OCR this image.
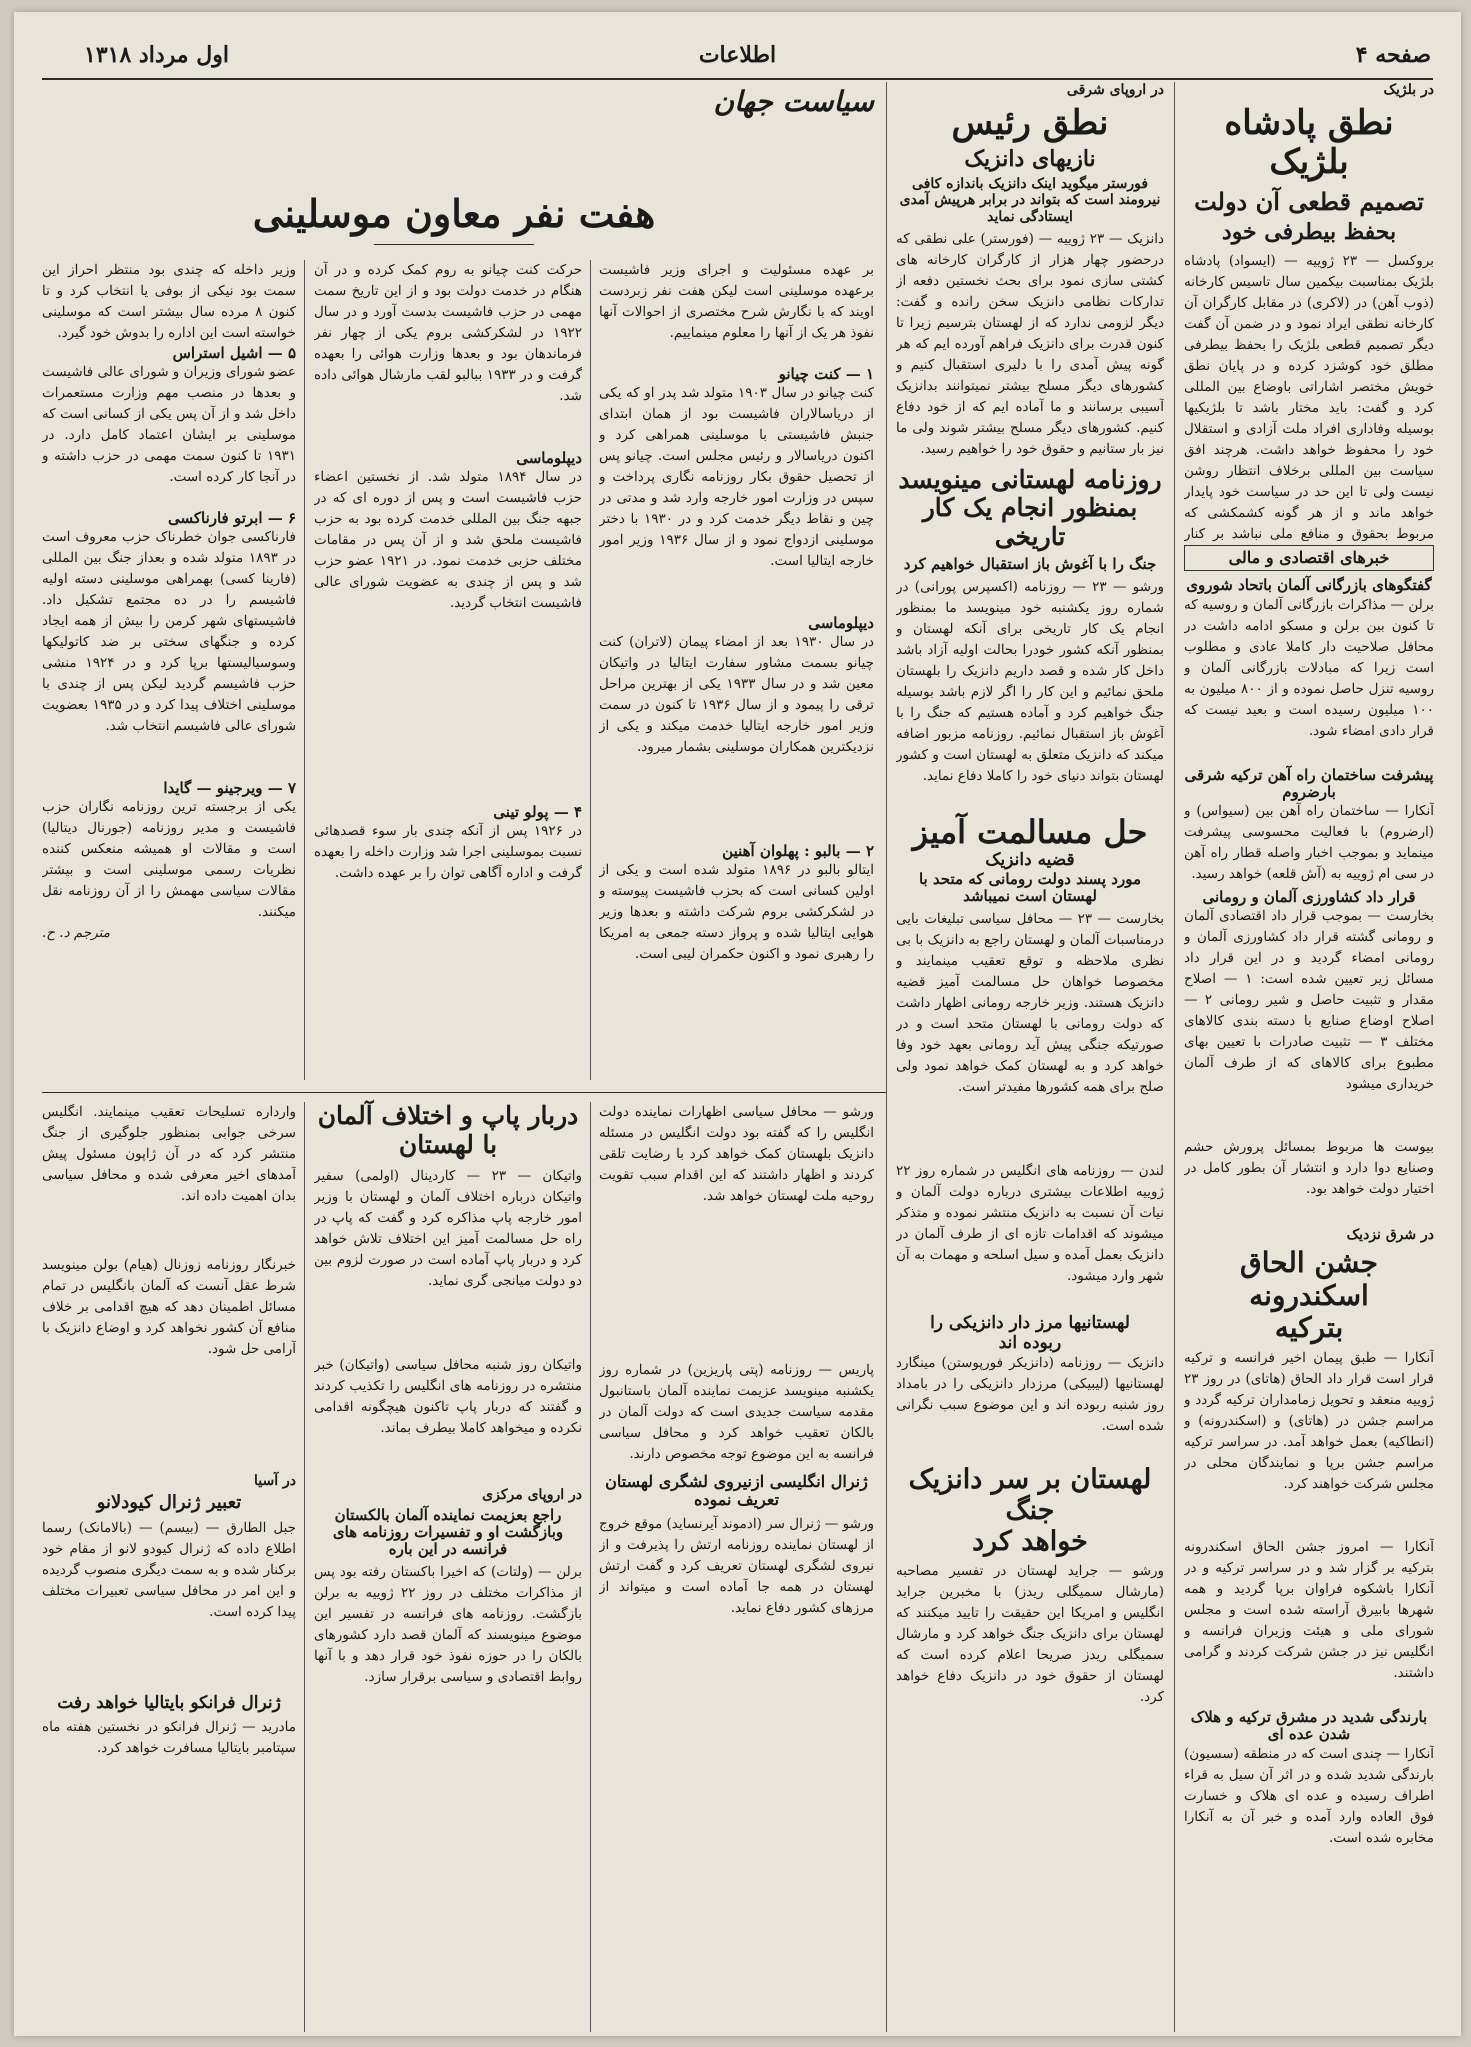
صفحه ۴
اطلاعات
اول مرداد ۱۳۱۸
در بلژیک
نطق پادشاه بلژیک
تصمیم قطعی آن دولت
بحفظ بیطرفی خود
بروکسل — ۲۳ ژوییه — (ایسواد) پادشاه بلژیک بمناسبت بیکمین سال تاسیس کارخانه (ذوب آهن) در (لاکری) در مقابل کارگران آن کارخانه نطقی ایراد نمود و در ضمن آن گفت دیگر تصمیم قطعی بلژیک را بحفظ بیطرفی مطلق خود کوشزد کرده و در پایان نطق خویش مختصر اشاراتی باوضاع بین المللی کرد و گفت: باید مختار باشد تا بلژیکیها بوسیله وفاداری افراد ملت آزادی و استقلال خود را محفوظ خواهد داشت. هرچند افق سیاست بین المللی برخلاف انتظار روشن نیست ولی تا این حد در سیاست خود پایدار خواهد ماند و از هر گونه کشمکشی که مربوط بحقوق و منافع ملی نباشد بر کنار
خبرهای اقتصادی و مالی
گفتگوهای بازرگانی آلمان باتحاد شوروی
برلن — مذاکرات بازرگانی آلمان و روسیه که تا کنون بین برلن و مسکو ادامه داشت در محافل صلاحیت دار کاملا عادی و مطلوب است زیرا که مبادلات بازرگانی آلمان و روسیه تنزل حاصل نموده و از ۸۰۰ میلیون به ۱۰۰ میلیون رسیده است و بعید نیست که قرار دادی امضاء شود.
پیشرفت ساختمان راه آهن ترکیه شرقی بارضروم
آنکارا — ساختمان راه آهن بین (سیواس) و (ارضروم) با فعالیت محسوسی پیشرفت مینماید و بموجب اخبار واصله قطار راه آهن در سی ام ژوییه به (آش قلعه) خواهد رسید.
قرار داد کشاورزی آلمان و رومانی
بخارست — بموجب قرار داد اقتصادی آلمان و رومانی گشته قرار داد کشاورزی آلمان و رومانی امضاء گردید و در این قرار داد مسائل زیر تعیین شده است: ۱ — اصلاح مقدار و تثبیت حاصل و شیر رومانی ۲ — اصلاح اوضاع صنایع با دسته بندی کالاهای مختلف ۳ — تثبیت صادرات با تعیین بهای مطبوع برای کالاهای که از طرف آلمان خریداری میشود
بیوست ها مربوط بمسائل پرورش حشم وصنایع دوا دارد و انتشار آن بطور کامل در اختیار دولت خواهد بود.
در شرق نزدیک
جشن الحاق اسکندرونه
بترکیه
آنکارا — طبق پیمان اخیر فرانسه و ترکیه قرار است قرار داد الحاق (هاتای) در روز ۲۳ ژوییه منعقد و تحویل زمامداران ترکیه گردد و مراسم جشن در (هاتای) و (اسکندرونه) و (انطاکیه) بعمل خواهد آمد. در سراسر ترکیه مراسم جشن برپا و نمایندگان محلی در مجلس شرکت خواهند کرد.
آنکارا — امروز جشن الحاق اسکندرونه بترکیه بر گزار شد و در سراسر ترکیه و در آنکارا باشکوه فراوان برپا گردید و همه شهرها بابیرق آراسته شده است و مجلس شورای ملی و هیئت وزیران فرانسه و انگلیس نیز در جشن شرکت کردند و گرامی داشتند.
بارندگی شدید در مشرق ترکیه و هلاک شدن عده ای
آنکارا — چندی است که در منطقه (سسیون) بارندگی شدید شده و در اثر آن سیل به قراء اطراف رسیده و عده ای هلاک و خسارت فوق العاده وارد آمده و خبر آن به آنکارا مخابره شده است.
در اروپای شرقی
نطق رئیس
نازیهای دانزیک
فورستر میگوید اینک دانزیک باندازه کافی نیرومند است که بتواند در برابر هرپیش آمدی ایستادگی نماید
دانزیک — ۲۳ ژوییه — (فورستر) علی نطقی که درحضور چهار هزار از کارگران کارخانه های کشتی سازی نمود برای بحث نخستین دفعه از تدارکات نظامی دانزیک سخن رانده و گفت: دیگر لزومی ندارد که از لهستان بترسیم زیرا تا کنون قدرت برای دانزیک فراهم آورده ایم که هر گونه پیش آمدی را با دلیری استقبال کنیم و کشورهای دیگر مسلح بیشتر نمیتوانند بدانزیک آسیبی برسانند و ما آماده ایم که از خود دفاع کنیم. کشورهای دیگر مسلح بیشتر شوند ولی ما نیز بار ستانیم و حقوق خود را خواهیم رسید.
روزنامه لهستانی مینویسد
بمنظور انجام یک کار تاریخی
جنگ را با آغوش باز استقبال خواهیم کرد
ورشو — ۲۳ — روزنامه (اکسپرس پورانی) در شماره روز یکشنبه خود مینویسد ما بمنظور انجام یک کار تاریخی برای آنکه لهستان و بمنظور آنکه کشور خودرا بحالت اولیه آزاد باشد داخل کار شده و قصد داریم دانزیک را بلهستان ملحق نمائیم و این کار را اگر لازم باشد بوسیله جنگ خواهیم کرد و آماده هستیم که جنگ را با آغوش باز استقبال نمائیم. روزنامه مزبور اضافه میکند که دانزیک متعلق به لهستان است و کشور لهستان بتواند دنیای خود را کاملا دفاع نماید.
حل مسالمت آمیز
قضیه دانزیک
مورد پسند دولت رومانی که متحد با لهستان است نمیباشد
بخارست — ۲۳ — محافل سیاسی تبلیغات بایی درمناسبات آلمان و لهستان راجع به دانزیک با بی نظری ملاحظه و توقع تعقیب مینمایند و مخصوصا خواهان حل مسالمت آمیز قضیه دانزیک هستند. وزیر خارجه رومانی اظهار داشت که دولت رومانی با لهستان متحد است و در صورتیکه جنگی پیش آید رومانی بعهد خود وفا خواهد کرد و به لهستان کمک خواهد نمود ولی صلح برای همه کشورها مفیدتر است.
لندن — روزنامه های انگلیس در شماره روز ۲۲ ژوییه اطلاعات بیشتری درباره دولت آلمان و نیات آن نسبت به دانزیک منتشر نموده و متذکر میشوند که اقدامات تازه ای از طرف آلمان در دانزیک بعمل آمده و سیل اسلحه و مهمات به آن شهر وارد میشود.
لهستانیها مرز دار دانزیکی را
ربوده اند
دانزیک — روزنامه (دانزیکر فورپوستن) مینگارد لهستانیها (لیبیکی) مرزدار دانزیکی را در بامداد روز شنبه ربوده اند و این موضوع سبب نگرانی شده است.
لهستان بر سر دانزیک جنگ
خواهد کرد
ورشو — جراید لهستان در تفسیر مصاحبه (مارشال سمیگلی ریدز) با مخبرین جراید انگلیس و امریکا این حقیقت را تایید میکنند که لهستان برای دانزیک جنگ خواهد کرد و مارشال سمیگلی ریدز صریحا اعلام کرده است که لهستان از حقوق خود در دانزیک دفاع خواهد کرد.
سیاست جهان
هفت نفر معاون موسلینی
بر عهده مسئولیت و اجرای وزیر فاشیست برعهده موسلینی است لیکن هفت نفر زبردست اویند که با نگارش شرح مختصری از احوالات آنها نفوذ هر یک از آنها را معلوم مینماییم.
۱ — کنت چیانو
کنت چیانو در سال ۱۹۰۳ متولد شد پدر او که یکی از دریاسالاران فاشیست بود از همان ابتدای جنبش فاشیستی با موسلینی همراهی کرد و اکنون دریاسالار و رئیس مجلس است. چیانو پس از تحصیل حقوق بکار روزنامه نگاری پرداخت و سپس در وزارت امور خارجه وارد شد و مدتی در چین و نقاط دیگر خدمت کرد و در ۱۹۳۰ با دختر موسلینی ازدواج نمود و از سال ۱۹۳۶ وزیر امور خارجه ایتالیا است.
دیپلوماسی
در سال ۱۹۳۰ بعد از امضاء پیمان (لاتران) کنت چیانو بسمت مشاور سفارت ایتالیا در واتیکان معین شد و در سال ۱۹۳۳ یکی از بهترین مراحل ترقی را پیمود و از سال ۱۹۳۶ تا کنون در سمت وزیر امور خارجه ایتالیا خدمت میکند و یکی از نزدیکترین همکاران موسلینی بشمار میرود.
۲ — بالبو : پهلوان آهنین
ایتالو بالبو در ۱۸۹۶ متولد شده است و یکی از اولین کسانی است که بحزب فاشیست پیوسته و در لشکرکشی بروم شرکت داشته و بعدها وزیر هوایی ایتالیا شده و پرواز دسته جمعی به امریکا را رهبری نمود و اکنون حکمران لیبی است.
حرکت کنت چیانو به روم کمک کرده و در آن هنگام در خدمت دولت بود و از این تاریخ سمت مهمی در حزب فاشیست بدست آورد و در سال ۱۹۲۲ در لشکرکشی بروم یکی از چهار نفر فرماندهان بود و بعدها وزارت هوائی را بعهده گرفت و در ۱۹۳۳ ببالبو لقب مارشال هوائی داده شد.
دیپلوماسی
در سال ۱۸۹۴ متولد شد. از نخستین اعضاء حزب فاشیست است و پس از دوره ای که در جبهه جنگ بین المللی خدمت کرده بود به حزب فاشیست ملحق شد و از آن پس در مقامات مختلف حزبی خدمت نمود. در ۱۹۲۱ عضو حزب شد و پس از چندی به عضویت شورای عالی فاشیست انتخاب گردید.
۴ — پولو تینی
در ۱۹۲۶ پس از آنکه چندی بار سوء قصدهائی نسبت بموسلینی اجرا شد وزارت داخله را بعهده گرفت و اداره آگاهی توان را بر عهده داشت.
وزیر داخله که چندی بود منتظر احراز این سمت بود نیکی از بوفی یا انتخاب کرد و تا کنون ۸ مرده سال بیشتر است که موسلینی خواسته است این اداره را بدوش خود گیرد.
۵ — اشیل استراس
عضو شورای وزیران و شورای عالی فاشیست و بعدها در منصب مهم وزارت مستعمرات داخل شد و از آن پس یکی از کسانی است که موسلینی بر ایشان اعتماد کامل دارد. در ۱۹۳۱ تا کنون سمت مهمی در حزب داشته و در آنجا کار کرده است.
۶ — ابرتو فارناکسی
فارناکسی جوان خطرناک حزب معروف است در ۱۸۹۳ متولد شده و بعداز جنگ بین المللی (فارینا کسی) بهمراهی موسلینی دسته اولیه فاشیسم را در ده مجتمع تشکیل داد. فاشیستهای شهر کرمن را بیش از همه ایجاد کرده و جنگهای سختی بر ضد کاتولیکها وسوسیالیستها برپا کرد و در ۱۹۲۴ منشی حزب فاشیسم گردید لیکن پس از چندی با موسلینی اختلاف پیدا کرد و در ۱۹۳۵ بعضویت شورای عالی فاشیسم انتخاب شد.
۷ — ویرجینو — گایدا
یکی از برجسته ترین روزنامه نگاران حزب فاشیست و مدیر روزنامه (جورنال دیتالیا) است و مقالات او همیشه منعکس کننده نظریات رسمی موسلینی است و بیشتر مقالات سیاسی مهمش را از آن روزنامه نقل میکنند.
مترجم د. ح.
ورشو — محافل سیاسی اظهارات نماینده دولت انگلیس را که گفته بود دولت انگلیس در مسئله دانزیک بلهستان کمک خواهد کرد با رضایت تلقی کردند و اظهار داشتند که این اقدام سبب تقویت روحیه ملت لهستان خواهد شد.
پاریس — روزنامه (پتی پاریزین) در شماره روز یکشنبه مینویسد عزیمت نماینده آلمان باستانبول مقدمه سیاست جدیدی است که دولت آلمان در بالکان تعقیب خواهد کرد و محافل سیاسی فرانسه به این موضوع توجه مخصوص دارند.
ژنرال انگلیسی ازنیروی لشگری لهستان تعریف نموده
ورشو — ژنرال سر (ادموند آیرنساید) موقع خروج از لهستان نماینده روزنامه ارتش را پذیرفت و از نیروی لشگری لهستان تعریف کرد و گفت ارتش لهستان در همه جا آماده است و میتواند از مرزهای کشور دفاع نماید.
دربار پاپ و اختلاف آلمان
با لهستان
واتیکان — ۲۳ — کاردینال (اولمی) سفیر واتیکان درباره اختلاف آلمان و لهستان با وزیر امور خارجه پاپ مذاکره کرد و گفت که پاپ در راه حل مسالمت آمیز این اختلاف تلاش خواهد کرد و دربار پاپ آماده است در صورت لزوم بین دو دولت میانجی گری نماید.
واتیکان روز شنبه محافل سیاسی (واتیکان) خبر منتشره در روزنامه های انگلیس را تکذیب کردند و گفتند که دربار پاپ تاکنون هیچگونه اقدامی نکرده و میخواهد کاملا بیطرف بماند.
در اروپای مرکزی
راجع بعزیمت نماینده آلمان بالکستان وبازگشت او و تفسیرات روزنامه های فرانسه در این باره
برلن — (ولتات) که اخیرا باکستان رفته بود پس از مذاکرات مختلف در روز ۲۲ ژوییه به برلن بازگشت. روزنامه های فرانسه در تفسیر این موضوع مینویسند که آلمان قصد دارد کشورهای بالکان را در حوزه نفوذ خود قرار دهد و با آنها روابط اقتصادی و سیاسی برقرار سازد.
وارداره تسلیحات تعقیب مینمایند. انگلیس سرخی جوابی بمنظور جلوگیری از جنگ منتشر کرد که در آن ژاپون مسئول پیش آمدهای اخیر معرفی شده و محافل سیاسی بدان اهمیت داده اند.
خبرنگار روزنامه زوزنال (هیام) بولن مینویسد شرط عقل آنست که آلمان بانگلیس در تمام مسائل اطمینان دهد که هیچ اقدامی بر خلاف منافع آن کشور نخواهد کرد و اوضاع دانزیک با آرامی حل شود.
در آسیا
تعبیر ژنرال کیودلانو
جبل الطارق — (بیسم) — (بالامانک) رسما اطلاع داده که ژنرال کیودو لانو از مقام خود برکنار شده و به سمت دیگری منصوب گردیده و این امر در محافل سیاسی تعبیرات مختلف پیدا کرده است.
ژنرال فرانکو بایتالیا خواهد رفت
مادرید — ژنرال فرانکو در نخستین هفته ماه سپتامبر بایتالیا مسافرت خواهد کرد.
